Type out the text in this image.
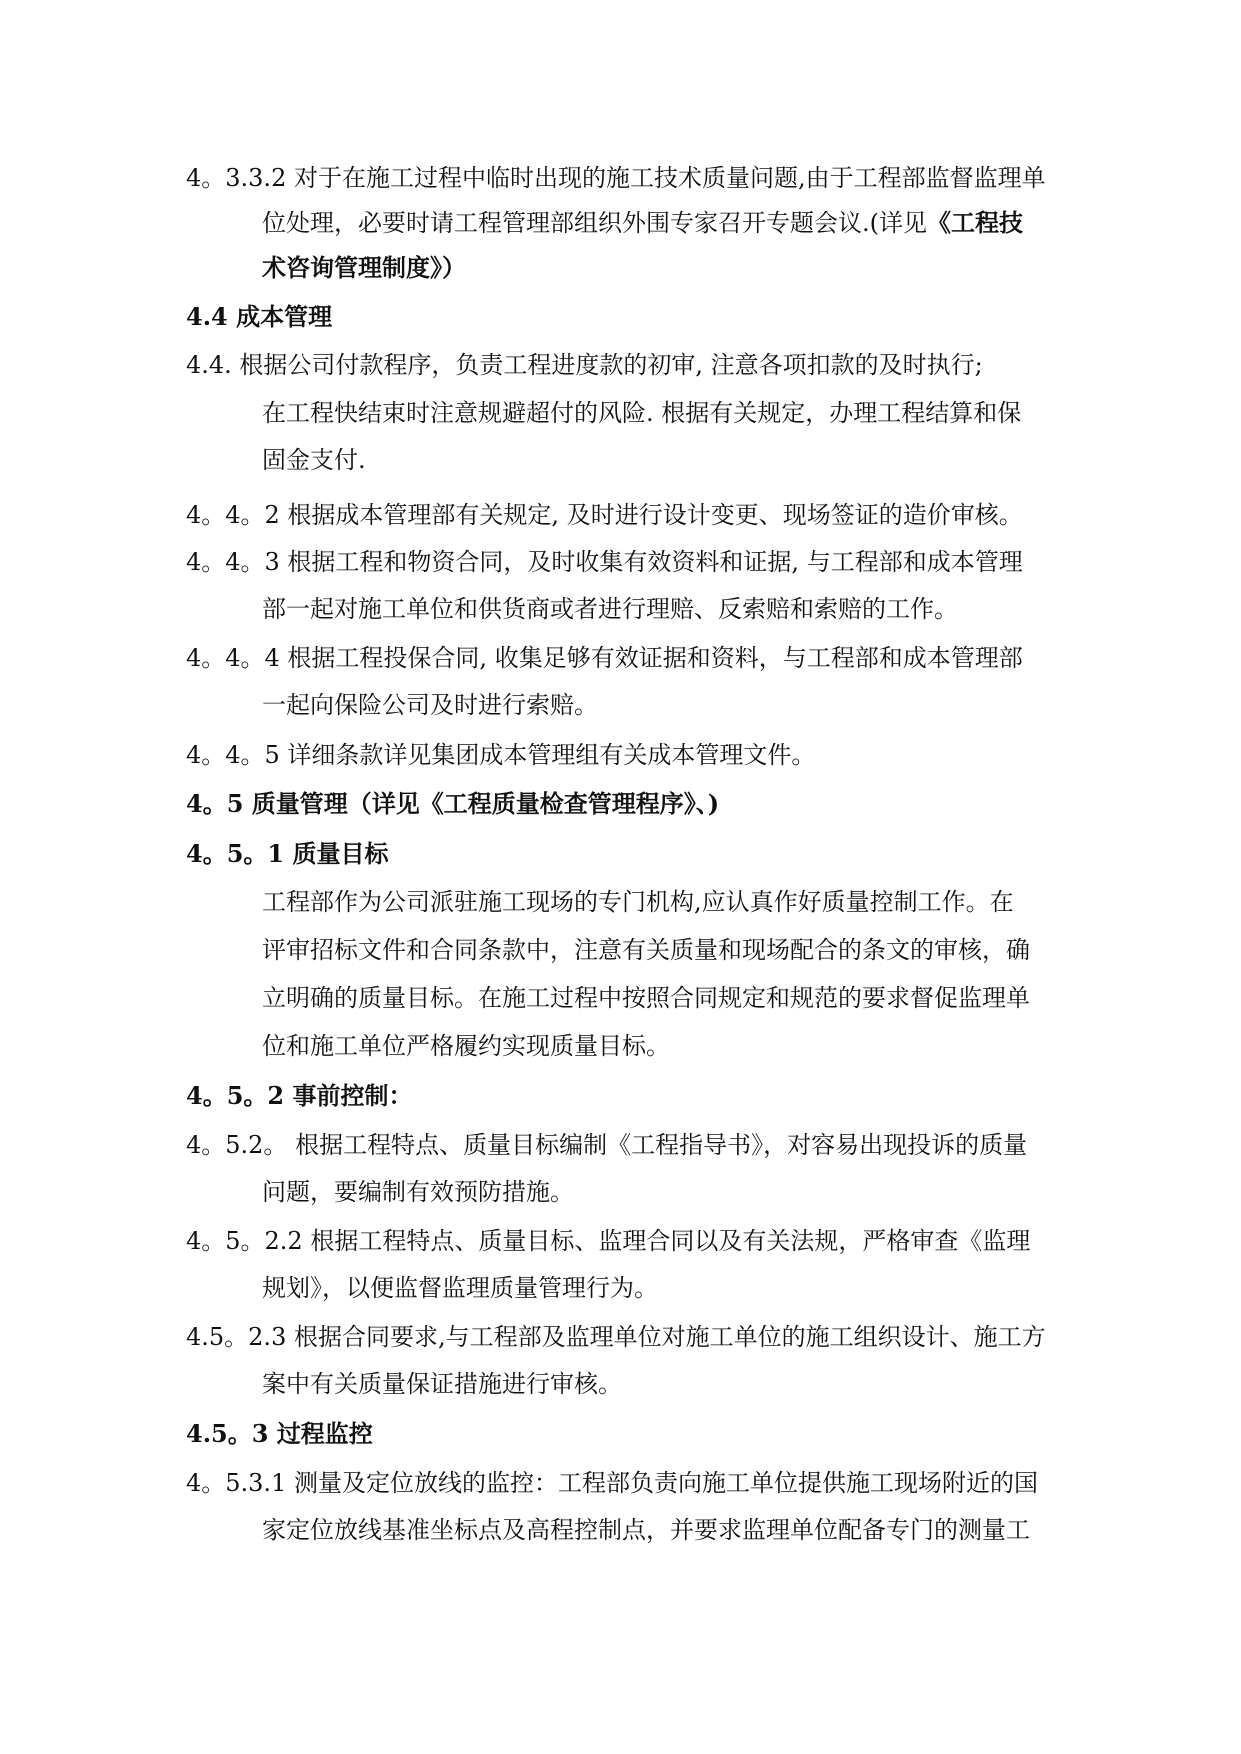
4。3.3.2 对于在施工过程中临时出现的施工技术质量问题,由于工程部监督监理单
位处理，必要时请工程管理部组织外围专家召开专题会议.(详见《工程技
术咨询管理制度》）
4.4 成本管理
4.4. 根据公司付款程序，负责工程进度款的初审, 注意各项扣款的及时执行;
在工程快结束时注意规避超付的风险. 根据有关规定，办理工程结算和保
固金支付.
4。4。2 根据成本管理部有关规定, 及时进行设计变更、现场签证的造价审核。
4。4。3 根据工程和物资合同，及时收集有效资料和证据, 与工程部和成本管理
部一起对施工单位和供货商或者进行理赔、反索赔和索赔的工作。
4。4。4 根据工程投保合同, 收集足够有效证据和资料，与工程部和成本管理部
一起向保险公司及时进行索赔。
4。4。5 详细条款详见集团成本管理组有关成本管理文件。
4。5 质量管理（详见《工程质量检查管理程序》、)
4。5。1 质量目标
工程部作为公司派驻施工现场的专门机构,应认真作好质量控制工作。在
评审招标文件和合同条款中，注意有关质量和现场配合的条文的审核，确
立明确的质量目标。在施工过程中按照合同规定和规范的要求督促监理单
位和施工单位严格履约实现质量目标。
4。5。2 事前控制：
4。5.2。 根据工程特点、质量目标编制《工程指导书》，对容易出现投诉的质量
问题，要编制有效预防措施。
4。5。2.2 根据工程特点、质量目标、监理合同以及有关法规，严格审查《监理
规划》，以便监督监理质量管理行为。
4.5。2.3 根据合同要求,与工程部及监理单位对施工单位的施工组织设计、施工方
案中有关质量保证措施进行审核。
4.5。3 过程监控
4。5.3.1 测量及定位放线的监控：工程部负责向施工单位提供施工现场附近的国
家定位放线基准坐标点及高程控制点，并要求监理单位配备专门的测量工
